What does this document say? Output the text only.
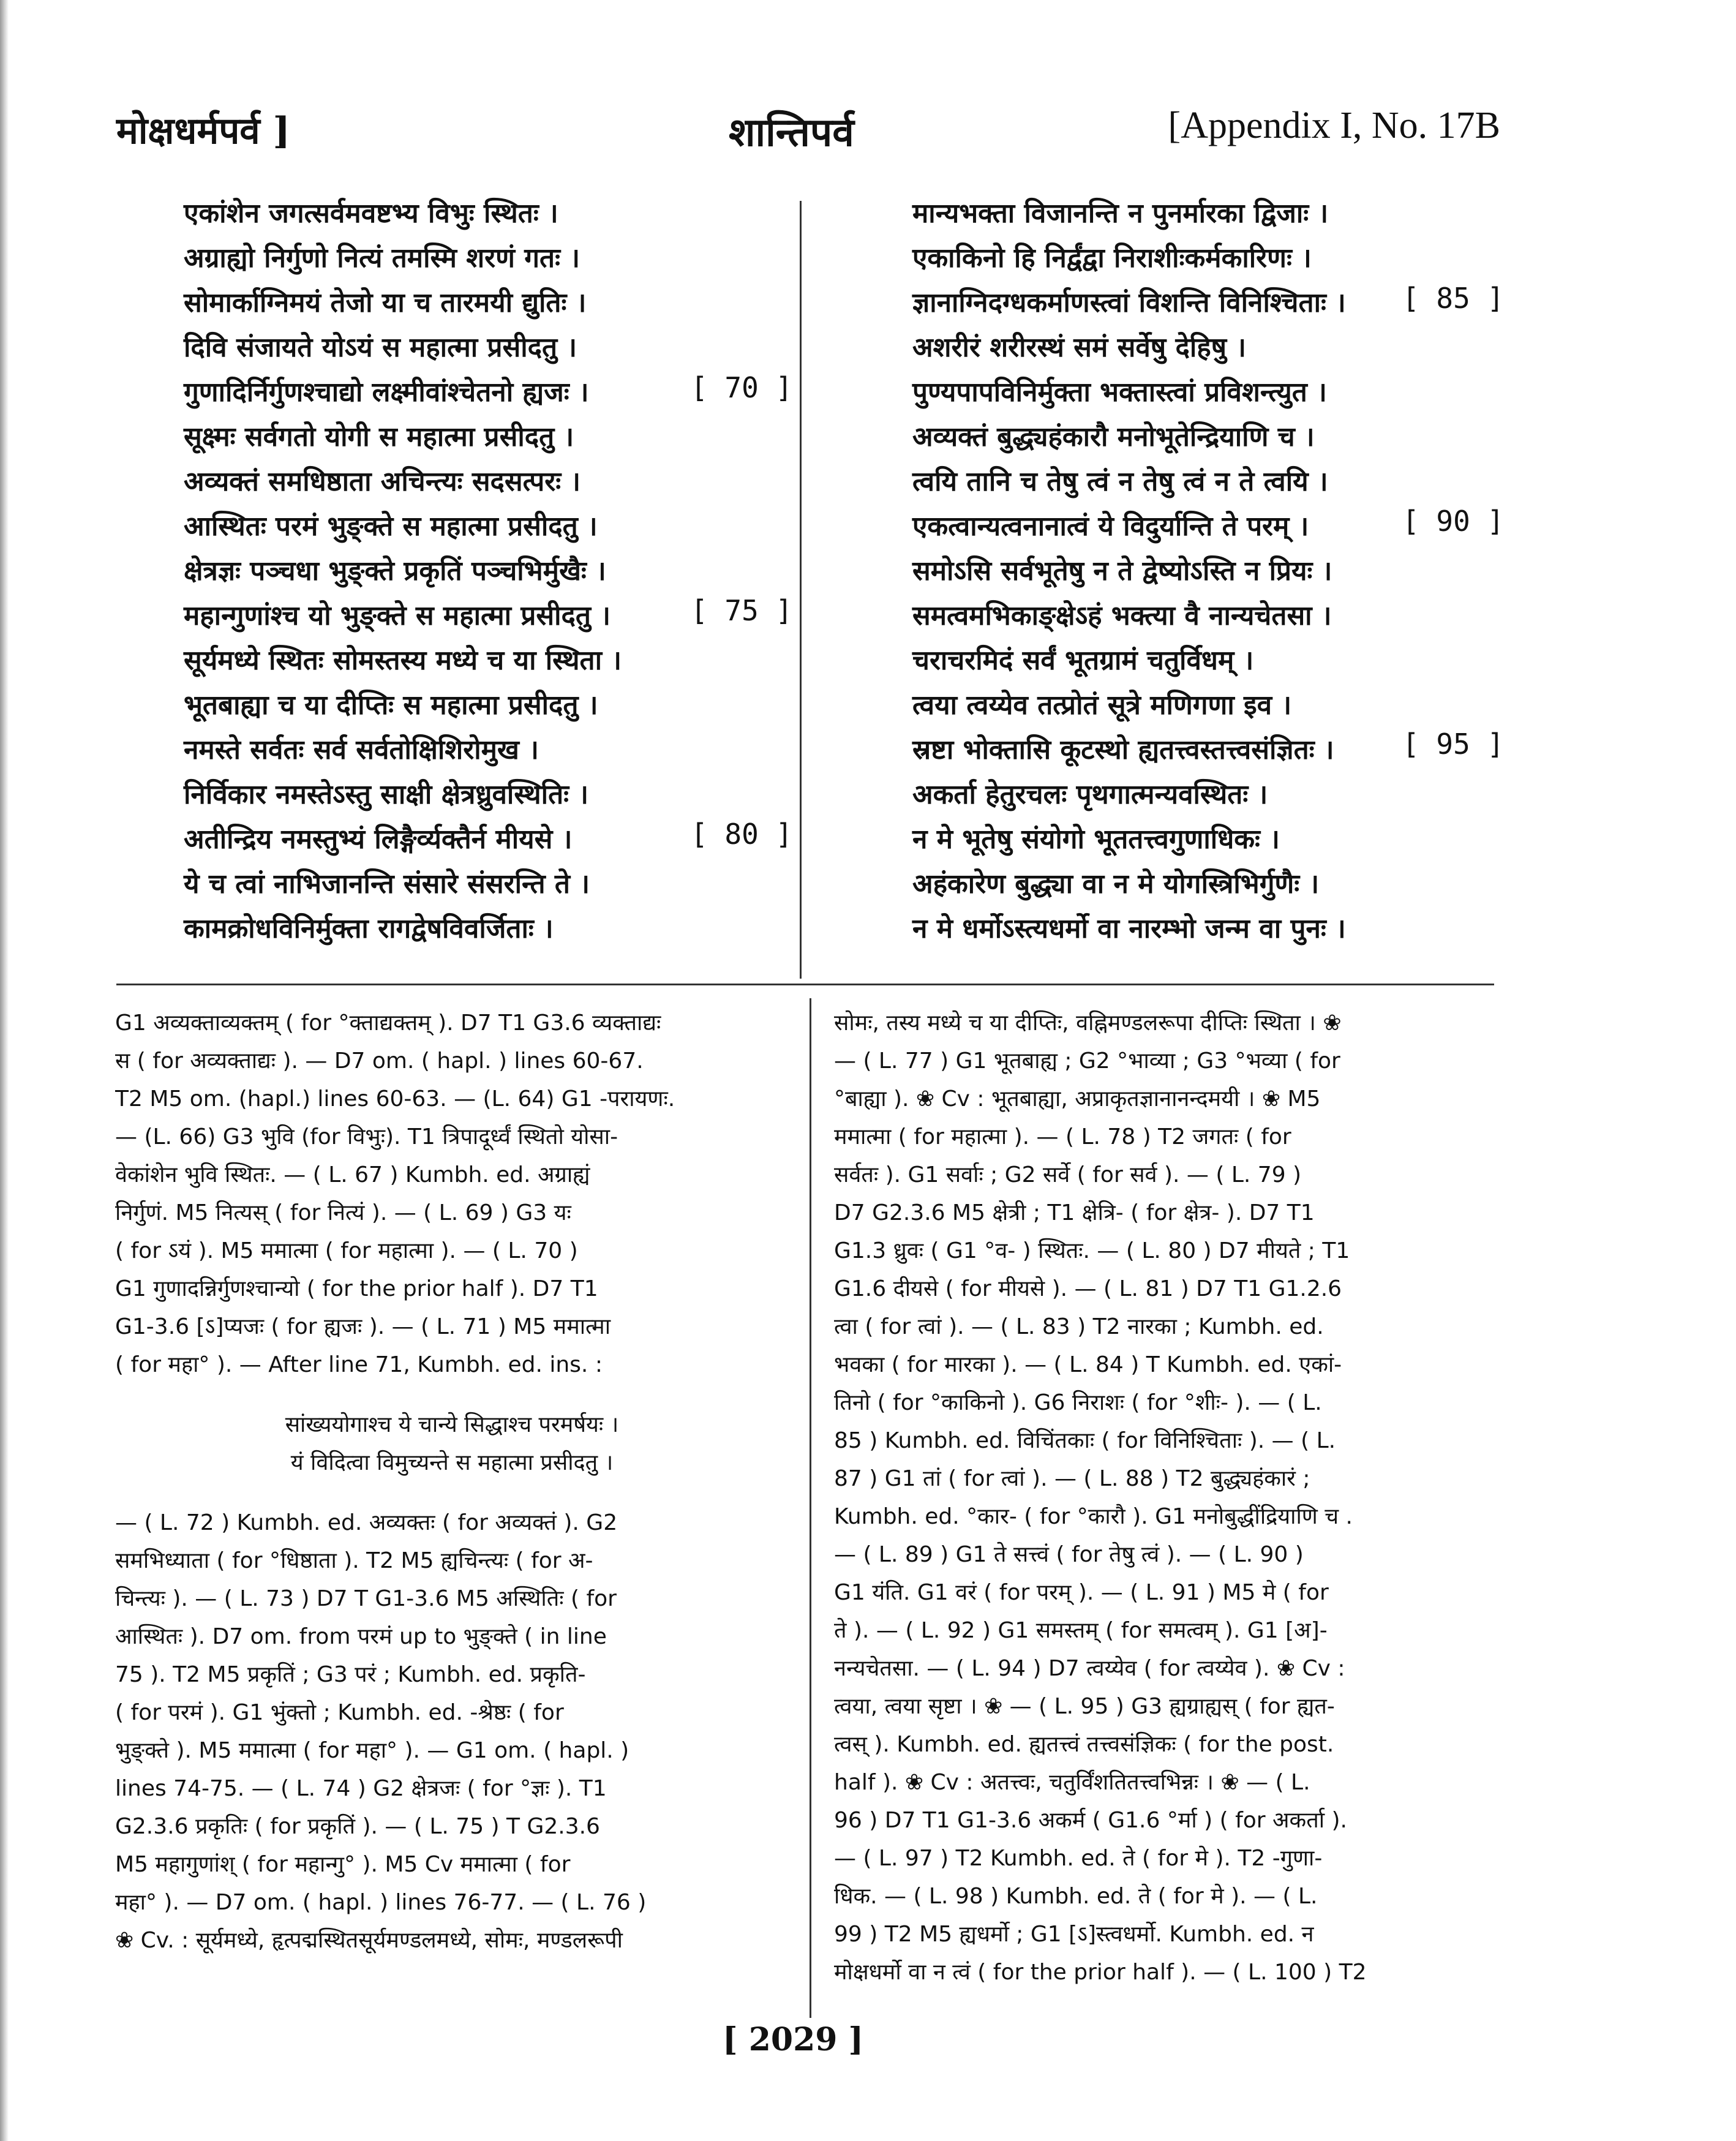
मोक्षधर्मपर्व ]	शान्तिपर्व	[Appendix I, No. 17B
एकांशेन जगत्सर्वमवष्टभ्य विभुः स्थितः ।
अग्राह्यो निर्गुणो नित्यं तमस्मि शरणं गतः ।
सोमार्काग्निमयं तेजो या च तारमयी द्युतिः ।
दिवि संजायते योऽयं स महात्मा प्रसीदतु ।
गुणादिर्निर्गुणश्चाद्यो लक्ष्मीवांश्चेतनो ह्यजः ।
सूक्ष्मः सर्वगतो योगी स महात्मा प्रसीदतु ।
अव्यक्तं समधिष्ठाता अचिन्त्यः सदसत्परः ।
आस्थितः परमं भुङ्क्ते स महात्मा प्रसीदतु ।
क्षेत्रज्ञः पञ्चधा भुङ्क्ते प्रकृतिं पञ्चभिर्मुखैः ।
महान्गुणांश्च यो भुङ्क्ते स महात्मा प्रसीदतु ।
सूर्यमध्ये स्थितः सोमस्तस्य मध्ये च या स्थिता ।
भूतबाह्या च या दीप्तिः स महात्मा प्रसीदतु ।
नमस्ते सर्वतः सर्व सर्वतोक्षिशिरोमुख ।
निर्विकार नमस्तेऽस्तु साक्षी क्षेत्रध्रुवस्थितिः ।
अतीन्द्रिय नमस्तुभ्यं लिङ्गैर्व्यक्तैर्न मीयसे ।
ये च त्वां नाभिजानन्ति संसारे संसरन्ति ते ।
कामक्रोधविनिर्मुक्ता रागद्वेषविवर्जिताः ।
[ 70 ]
[ 75 ]
[ 80 ]
मान्यभक्ता विजानन्ति न पुनर्मारका द्विजाः ।
एकाकिनो हि निर्द्वंद्वा निराशीःकर्मकारिणः ।
ज्ञानाग्निदग्धकर्माणस्त्वां विशन्ति विनिश्चिताः ।
अशरीरं शरीरस्थं समं सर्वेषु देहिषु ।
पुण्यपापविनिर्मुक्ता भक्तास्त्वां प्रविशन्त्युत ।
अव्यक्तं बुद्ध्यहंकारौ मनोभूतेन्द्रियाणि च ।
त्वयि तानि च तेषु त्वं न तेषु त्वं न ते त्वयि ।
एकत्वान्यत्वनानात्वं ये विदुर्यान्ति ते परम् ।
समोऽसि सर्वभूतेषु न ते द्वेष्योऽस्ति न प्रियः ।
समत्वमभिकाङ्क्षेऽहं भक्त्या वै नान्यचेतसा ।
चराचरमिदं सर्वं भूतग्रामं चतुर्विधम् ।
त्वया त्वय्येव तत्प्रोतं सूत्रे मणिगणा इव ।
स्रष्टा भोक्तासि कूटस्थो ह्यतत्त्वस्तत्त्वसंज्ञितः ।
अकर्ता हेतुरचलः पृथगात्मन्यवस्थितः ।
न मे भूतेषु संयोगो भूततत्त्वगुणाधिकः ।
अहंकारेण बुद्ध्या वा न मे योगस्त्रिभिर्गुणैः ।
न मे धर्मोऽस्त्यधर्मो वा नारम्भो जन्म वा पुनः ।
[ 85 ]
[ 90 ]
[ 95 ]
G1 अव्यक्ताव्यक्तम् ( for °क्ताद्यक्तम् ). D7 T1 G3.6 व्यक्ताद्यः
स ( for अव्यक्ताद्यः ). — D7 om. ( hapl. ) lines 60-67.
T2 M5 om. (hapl.) lines 60-63. — (L. 64) G1 -परायणः.
— (L. 66) G3 भुवि (for विभुः). T1 त्रिपादूर्ध्वं स्थितो योसा-
वेकांशेन भुवि स्थितः. — ( L. 67 ) Kumbh. ed. अग्राह्यं
निर्गुणं. M5 नित्यस् ( for नित्यं ). — ( L. 69 ) G3 यः
( for ऽयं ). M5 ममात्मा ( for महात्मा ). — ( L. 70 )
G1 गुणादन्निर्गुणश्चान्यो ( for the prior half ). D7 T1
G1-3.6 [ऽ]प्यजः ( for ह्यजः ). — ( L. 71 ) M5 ममात्मा
( for महा° ). — After line 71, Kumbh. ed. ins. :
सांख्ययोगाश्च ये चान्ये सिद्धाश्च परमर्षयः ।
यं विदित्वा विमुच्यन्ते स महात्मा प्रसीदतु ।
— ( L. 72 ) Kumbh. ed. अव्यक्तः ( for अव्यक्तं ). G2
समभिध्याता ( for °धिष्ठाता ). T2 M5 ह्यचिन्त्यः ( for अ-
चिन्त्यः ). — ( L. 73 ) D7 T G1-3.6 M5 अस्थितिः ( for
आस्थितः ). D7 om. from परमं up to भुङ्क्ते ( in line
75 ). T2 M5 प्रकृतिं ; G3 परं ; Kumbh. ed. प्रकृति-
( for परमं ). G1 भुंक्तो ; Kumbh. ed. -श्रेष्ठः ( for
भुङ्क्ते ). M5 ममात्मा ( for महा° ). — G1 om. ( hapl. )
lines 74-75. — ( L. 74 ) G2 क्षेत्रजः ( for °ज्ञः ). T1
G2.3.6 प्रकृतिः ( for प्रकृतिं ). — ( L. 75 ) T G2.3.6
M5 महागुणांश् ( for महान्गु° ). M5 Cv ममात्मा ( for
महा° ). — D7 om. ( hapl. ) lines 76-77. — ( L. 76 )
❀ Cv. : सूर्यमध्ये, हृत्पद्मस्थितसूर्यमण्डलमध्ये, सोमः, मण्डलरूपी
सोमः, तस्य मध्ये च या दीप्तिः, वह्निमण्डलरूपा दीप्तिः स्थिता । ❀
— ( L. 77 ) G1 भूतबाह्य ; G2 °भाव्या ; G3 °भव्या ( for
°बाह्या ). ❀ Cv : भूतबाह्या, अप्राकृतज्ञानानन्दमयी । ❀ M5
ममात्मा ( for महात्मा ). — ( L. 78 ) T2 जगतः ( for
सर्वतः ). G1 सर्वाः ; G2 सर्वे ( for सर्व ). — ( L. 79 )
D7 G2.3.6 M5 क्षेत्री ; T1 क्षेत्रि- ( for क्षेत्र- ). D7 T1
G1.3 ध्रुवः ( G1 °व- ) स्थितः. — ( L. 80 ) D7 मीयते ; T1
G1.6 दीयसे ( for मीयसे ). — ( L. 81 ) D7 T1 G1.2.6
त्वा ( for त्वां ). — ( L. 83 ) T2 नारका ; Kumbh. ed.
भवका ( for मारका ). — ( L. 84 ) T Kumbh. ed. एकां-
तिनो ( for °काकिनो ). G6 निराशः ( for °शीः- ). — ( L.
85 ) Kumbh. ed. विचिंतकाः ( for विनिश्चिताः ). — ( L.
87 ) G1 तां ( for त्वां ). — ( L. 88 ) T2 बुद्ध्यहंकारं ;
Kumbh. ed. °कार- ( for °कारौ ). G1 मनोबुद्धींद्रियाणि च .
— ( L. 89 ) G1 ते सत्त्वं ( for तेषु त्वं ). — ( L. 90 )
G1 यंति. G1 वरं ( for परम् ). — ( L. 91 ) M5 मे ( for
ते ). — ( L. 92 ) G1 समस्तम् ( for समत्वम् ). G1 [अ]-
नन्यचेतसा. — ( L. 94 ) D7 त्वय्येव ( for त्वय्येव ). ❀ Cv :
त्वया, त्वया सृष्टा । ❀ — ( L. 95 ) G3 ह्यग्राह्यस् ( for ह्यत-
त्वस् ). Kumbh. ed. ह्यतत्त्वं तत्त्वसंज्ञिकः ( for the post.
half ). ❀ Cv : अतत्त्वः, चतुर्विंशतितत्त्वभिन्नः । ❀ — ( L.
96 ) D7 T1 G1-3.6 अकर्म ( G1.6 °र्मा ) ( for अकर्ता ).
— ( L. 97 ) T2 Kumbh. ed. ते ( for मे ). T2 -गुणा-
धिक. — ( L. 98 ) Kumbh. ed. ते ( for मे ). — ( L.
99 ) T2 M5 ह्यधर्मो ; G1 [ऽ]स्त्वधर्मो. Kumbh. ed. न
मोक्षधर्मो वा न त्वं ( for the prior half ). — ( L. 100 ) T2
[ 2029 ]
